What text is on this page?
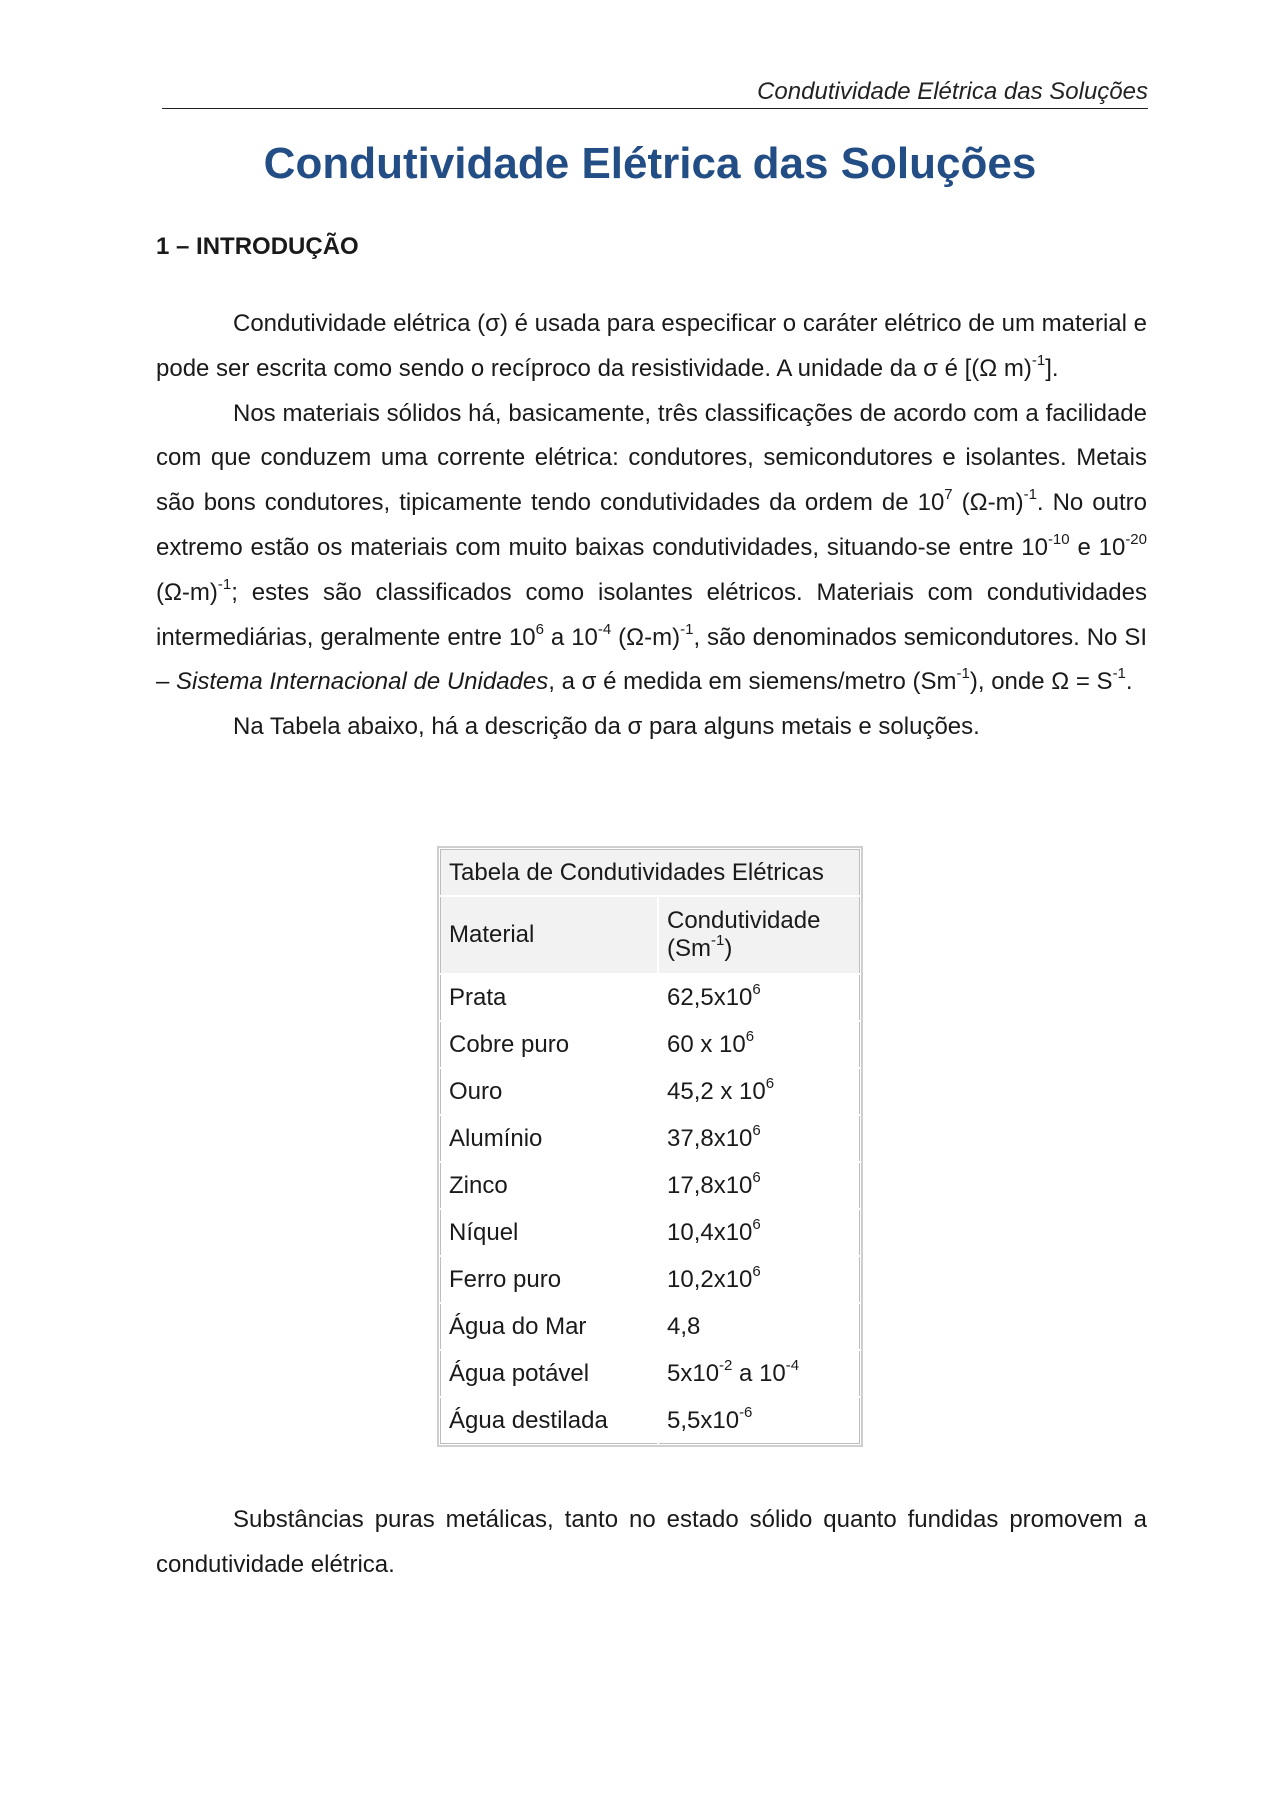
Condutividade Elétrica das Soluções
Condutividade Elétrica das Soluções
1 – INTRODUÇÃO

Condutividade elétrica (σ) é usada para especificar o caráter elétrico de um material e pode ser escrita como sendo o recíproco da resistividade. A unidade da σ é [(Ω m)$^{-1}$].

Nos materiais sólidos há, basicamente, três classificações de acordo com a facilidade com que conduzem uma corrente elétrica: condutores, semicondutores e isolantes. Metais são bons condutores, tipicamente tendo condutividades da ordem de $10^7$ $(\Omega-m)^{-1}$. No outro extremo estão os materiais com muito baixas condutividades, situando-se entre $10^{-10}$ e $10^{-20}$ $(\Omega-m)^{-1}$; estes são classificados como isolantes elétricos. Materiais com condutividades intermediárias, geralmente entre $10^6$ a $10^{-4}$ $(\Omega-m)^{-1}$, são denominados semicondutores. No SI – Sistema Internacional de Unidades, a σ é medida em siemens/metro $(Sm^{-1})$, onde $\Omega = S^{-1}$.

Na Tabela abaixo, há a descrição da σ para alguns metais e soluções.

Tabela de Condutividades Elétricas	
Material	Condutividade
$(Sm^{-1})$
Prata	$62,5x10^6$
Cobre puro	60 x $10^6$
Ouro	45,2 x $10^6$
Alumínio	$37,8x10^6$
Zinco	$17,8x10^6$
Níquel	$10,4x10^6$
Ferro puro	$10,2x10^6$
Água do Mar	4,8
Água potável	$5x10^{-2}$ a $10^{-4}$
Água destilada	$5,5x10^{-6}$

Substâncias puras metálicas, tanto no estado sólido quanto fundidas promovem a condutividade elétrica.
